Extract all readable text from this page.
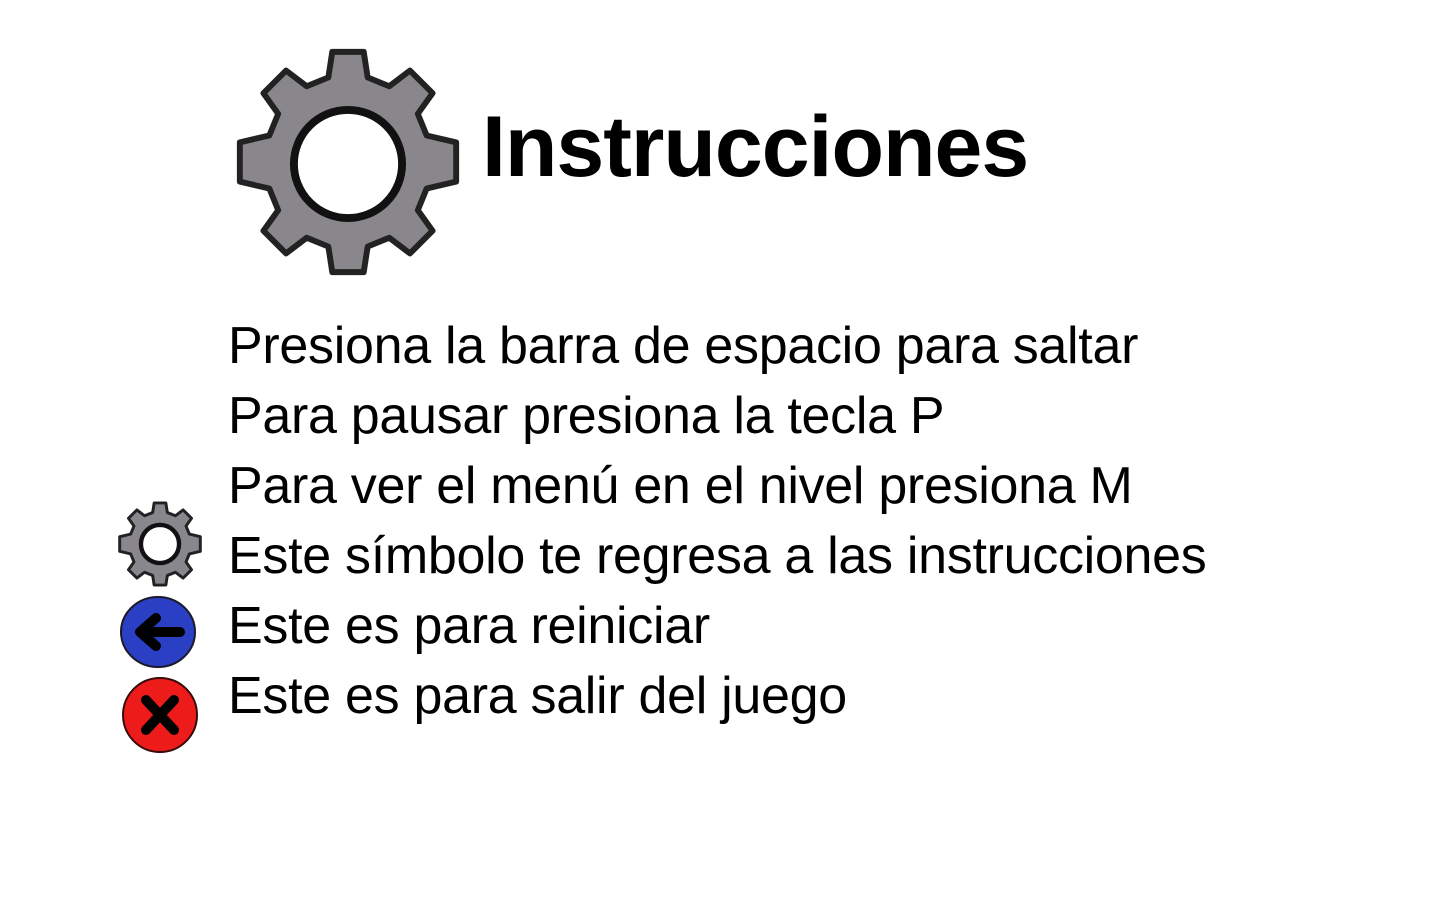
Instrucciones
Presiona la barra de espacio para saltar
Para pausar presiona la tecla P
Para ver el menú en el nivel presiona M
Este símbolo te regresa a las instrucciones
Este es para reiniciar
Este es para salir del juego
